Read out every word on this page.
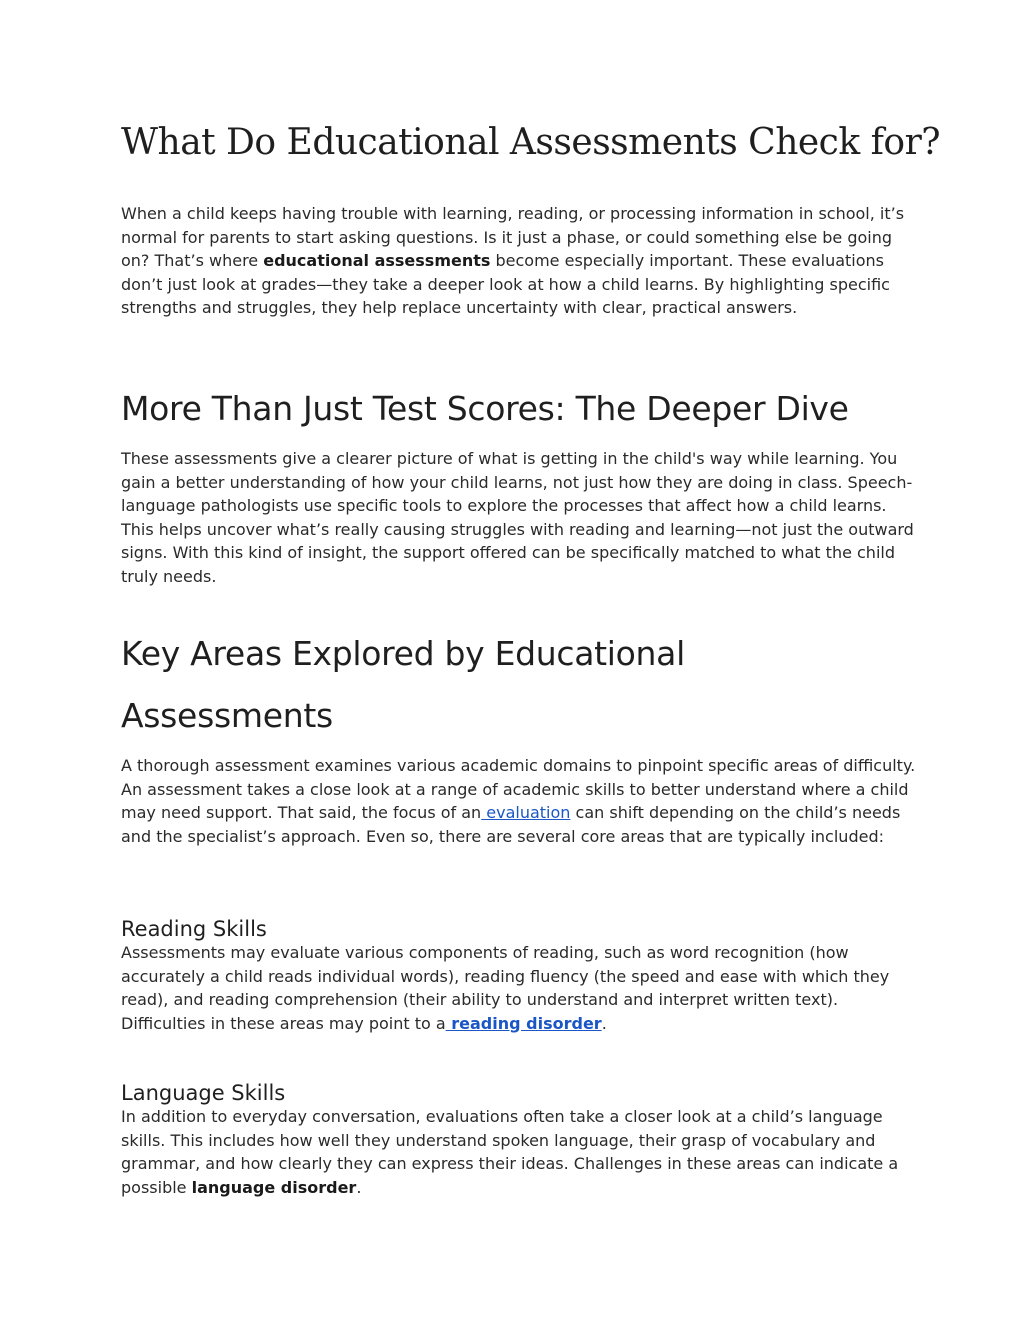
What Do Educational Assessments Check for?

When a child keeps having trouble with learning, reading, or processing information in school, it’s normal for parents to start asking questions. Is it just a phase, or could something else be going on? That’s where educational assessments become especially important. These evaluations don’t just look at grades—they take a deeper look at how a child learns. By highlighting specific strengths and struggles, they help replace uncertainty with clear, practical answers.

More Than Just Test Scores: The Deeper Dive

These assessments give a clearer picture of what is getting in the child's way while learning. You gain a better understanding of how your child learns, not just how they are doing in class. Speech-language pathologists use specific tools to explore the processes that affect how a child learns. This helps uncover what’s really causing struggles with reading and learning—not just the outward signs. With this kind of insight, the support offered can be specifically matched to what the child truly needs.

Key Areas Explored by Educational Assessments

A thorough assessment examines various academic domains to pinpoint specific areas of difficulty. An assessment takes a close look at a range of academic skills to better understand where a child may need support. That said, the focus of an evaluation can shift depending on the child’s needs and the specialist’s approach. Even so, there are several core areas that are typically included:

Reading Skills

Assessments may evaluate various components of reading, such as word recognition (how accurately a child reads individual words), reading fluency (the speed and ease with which they read), and reading comprehension (their ability to understand and interpret written text). Difficulties in these areas may point to a reading disorder.

Language Skills

In addition to everyday conversation, evaluations often take a closer look at a child’s language skills. This includes how well they understand spoken language, their grasp of vocabulary and grammar, and how clearly they can express their ideas. Challenges in these areas can indicate a possible language disorder.
